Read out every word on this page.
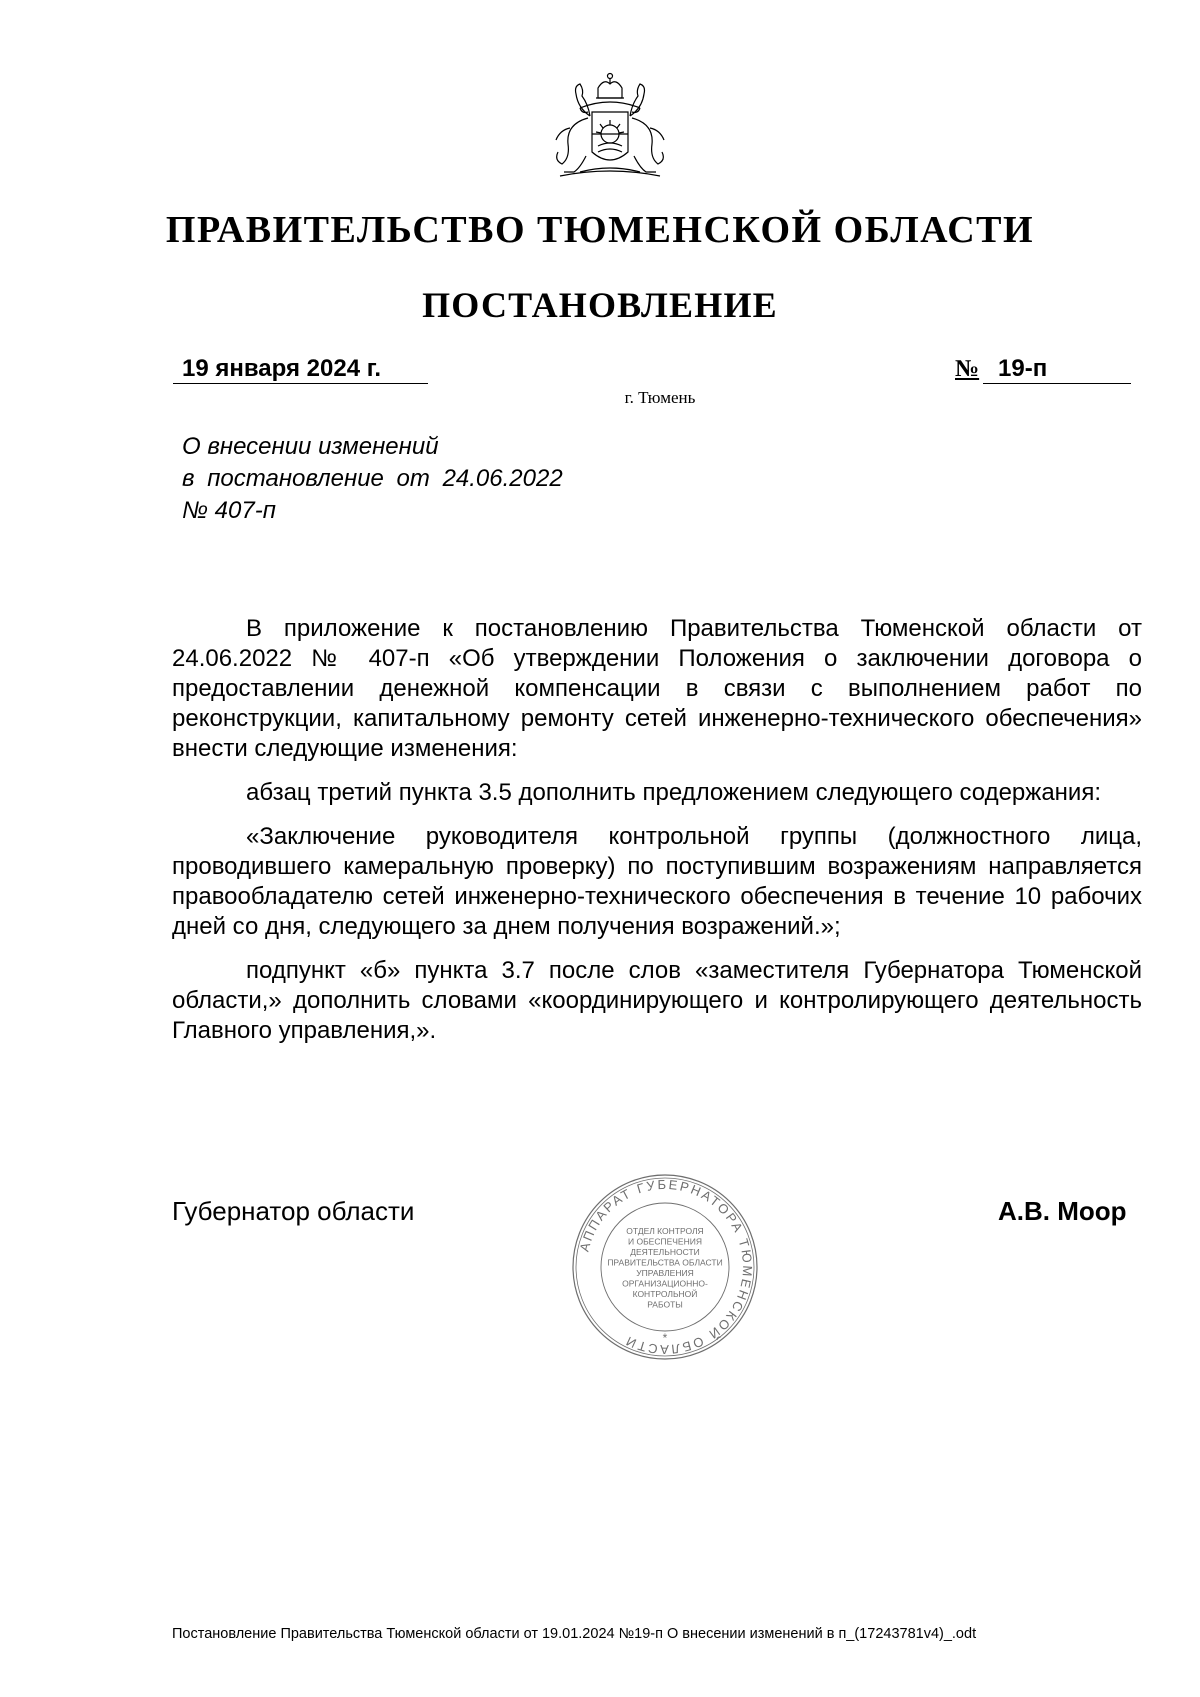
ПРАВИТЕЛЬСТВО ТЮМЕНСКОЙ ОБЛАСТИ
ПОСТАНОВЛЕНИЕ
19 января 2024 г.	№ 19-п
г. Тюмень
О внесении изменений
в постановление от 24.06.2022
№ 407-п

В приложение к постановлению Правительства Тюменской области от 24.06.2022 № 407-п «Об утверждении Положения о заключении договора о предоставлении денежной компенсации в связи с выполнением работ по реконструкции, капитальному ремонту сетей инженерно-технического обеспечения» внести следующие изменения:

абзац третий пункта 3.5 дополнить предложением следующего содержания:

«Заключение руководителя контрольной группы (должностного лица, проводившего камеральную проверку) по поступившим возражениям направляется правообладателю сетей инженерно-технического обеспечения в течение 10 рабочих дней со дня, следующего за днем получения возражений.»;

подпункт «б» пункта 3.7 после слов «заместителя Губернатора Тюменской области,» дополнить словами «координирующего и контролирующего деятельность Главного управления,».

Губернатор области
АППАРАТ ГУБЕРНАТОРА ТЮМЕНСКОЙ ОБЛАСТИ	*
ОТДЕЛ КОНТРОЛЯ
И ОБЕСПЕЧЕНИЯ
ДЕЯТЕЛЬНОСТИ
ПРАВИТЕЛЬСТВА ОБЛАСТИ
УПРАВЛЕНИЯ
ОРГАНИЗАЦИОННО-
КОНТРОЛЬНОЙ
РАБОТЫ
А.В. Моор
Постановление Правительства Тюменской области от 19.01.2024 №19-п О внесении изменений в п_(17243781v4)_.odt
